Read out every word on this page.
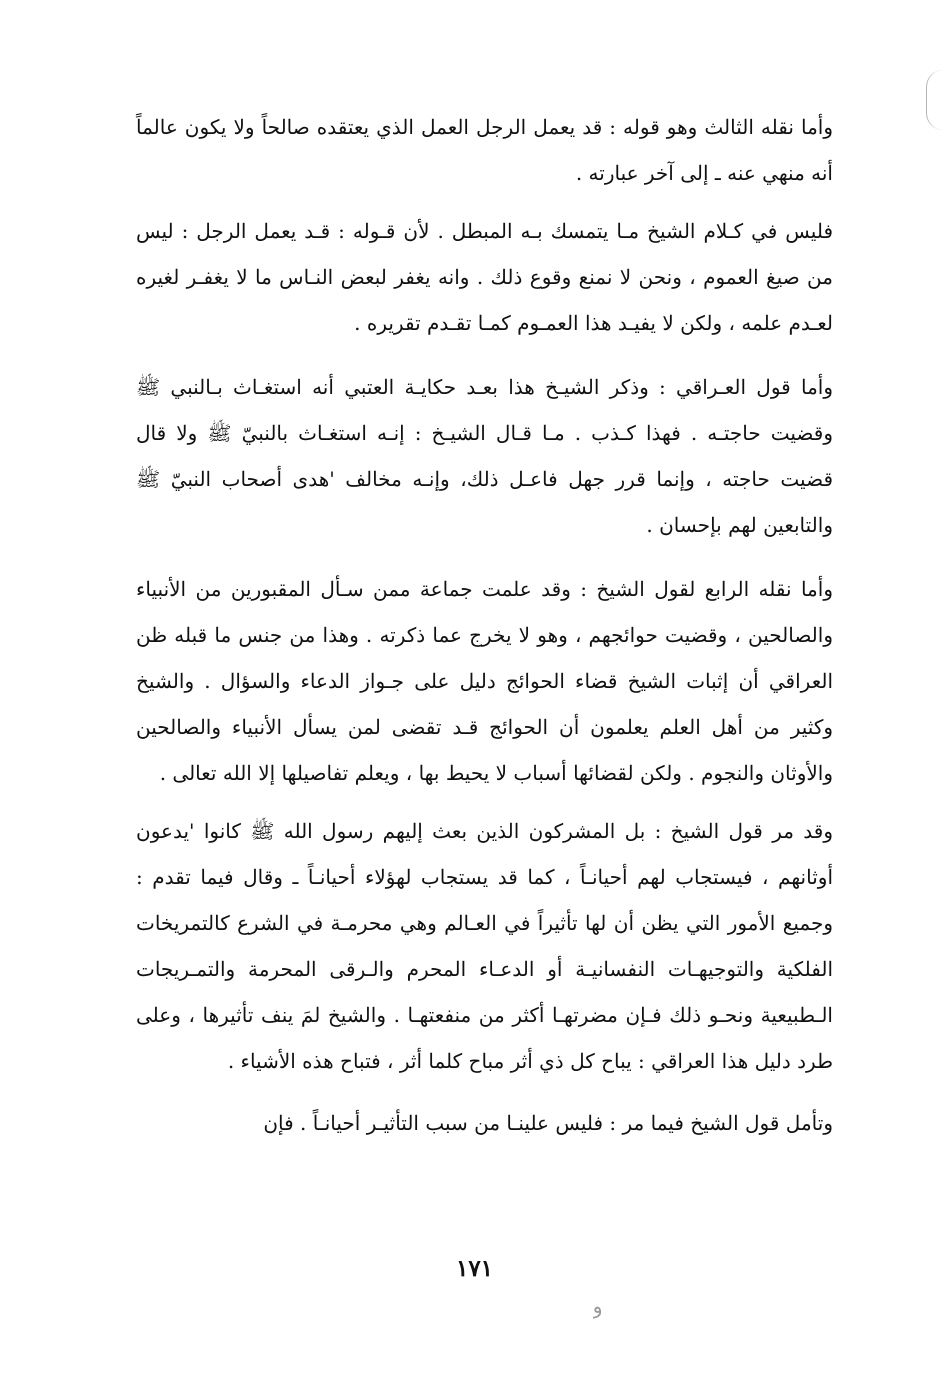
وأما نقله الثالث وهو قوله : قد يعمل الرجل العمل الذي يعتقده صالحاً ولا يكون عالماً أنه منهي عنه ـ إلى آخر عبارته .

فليس في كـلام الشيخ مـا يتمسك بـه المبطل . لأن قـوله : قـد يعمل الرجل : ليس من صيغ العموم ، ونحن لا نمنع وقوع ذلك . وانه يغفر لبعض النـاس ما لا يغفـر لغيره لعـدم علمه ، ولكن لا يفيـد هذا العمـوم كمـا تقـدم تقريره .

وأما قول العـراقي : وذكر الشيـخ هذا بعـد حكايـة العتبي أنه استغـاث بـالنبي ﷺ وقضيت حاجتـه . فهذا كـذب . مـا قـال الشيـخ : إنـه استغـاث بالنبيّ ﷺ ولا قال قضيت حاجته ، وإنما قرر جهل فاعـل ذلك، وإنـه مخالف 'هدى أصحاب النبيّ ﷺ والتابعين لهم بإحسان .

وأما نقله الرابع لقول الشيخ : وقد علمت جماعة ممن سـأل المقبورين من الأنبياء والصالحين ، وقضيت حوائجهم ، وهو لا يخرج عما ذكرته . وهذا من جنس ما قبله ظن العراقي أن إثبات الشيخ قضاء الحوائج دليل على جـواز الدعاء والسؤال . والشيخ وكثير من أهل العلم يعلمون أن الحوائج قـد تقضى لمن يسأل الأنبياء والصالحين والأوثان والنجوم . ولكن لقضائها أسباب لا يحيط بها ، ويعلم تفاصيلها إلا الله تعالى .

وقد مر قول الشيخ : بل المشركون الذين بعث إليهم رسول الله ﷺ كانوا 'يدعون أوثانهم ، فيستجاب لهم أحيانـاً ، كما قد يستجاب لهؤلاء أحيانـاً ـ وقال فيما تقدم : وجميع الأمور التي يظن أن لها تأثيراً في العـالم وهي محرمـة في الشرع كالتمريخات الفلكية والتوجيهـات النفسانيـة أو الدعـاء المحرم والـرقى المحرمة والتمـريجات الـطبيعية ونحـو ذلك فـإن مضرتهـا أكثر من منفعتهـا . والشيخ لمَ ينف تأثيرها ، وعلى طرد دليل هذا العراقي : يباح كل ذي أثر مباح كلما أثر ، فتباح هذه الأشياء .

وتأمل قول الشيخ فيما مر : فليس علينـا من سبب التأثيـر أحيانـاً . فإن

١٧١
و
